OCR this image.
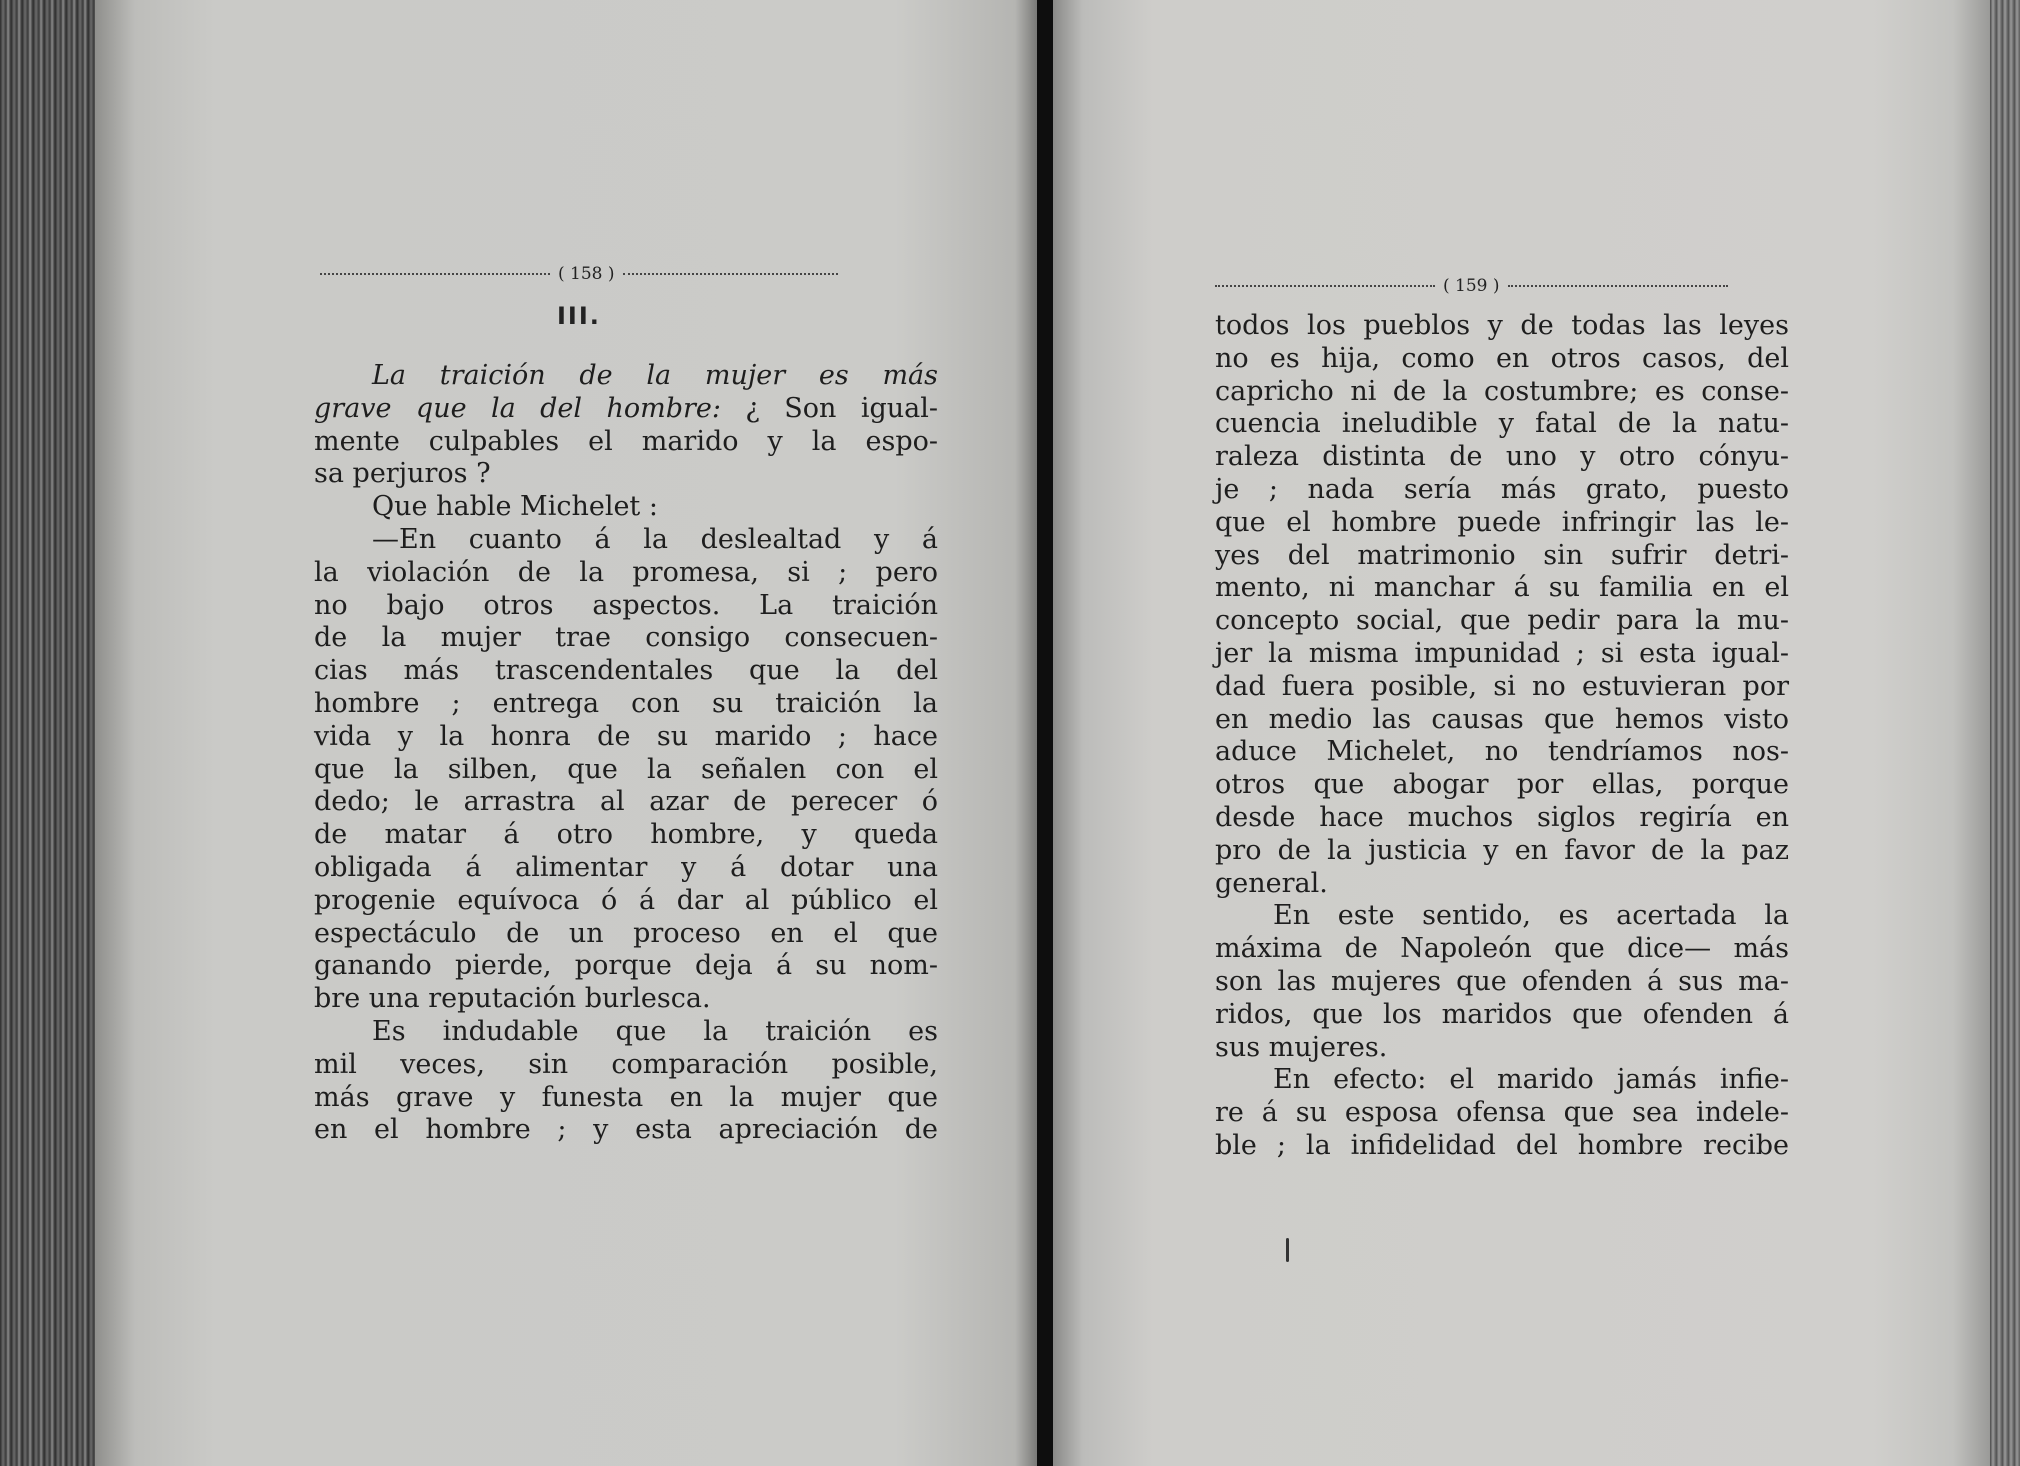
( 158 )
III.
La traición de la mujer es más
grave que la del hombre: ¿ Son igual-
mente culpables el marido y la espo-
sa perjuros ?
Que hable Michelet :
—En cuanto á la deslealtad y á
la violación de la promesa, si ; pero
no bajo otros aspectos. La traición
de la mujer trae consigo consecuen-
cias más trascendentales que la del
hombre ; entrega con su traición la
vida y la honra de su marido ; hace
que la silben, que la señalen con el
dedo; le arrastra al azar de perecer ó
de matar á otro hombre, y queda
obligada á alimentar y á dotar una
progenie equívoca ó á dar al público el
espectáculo de un proceso en el que
ganando pierde, porque deja á su nom-
bre una reputación burlesca.
Es indudable que la traición es
mil veces, sin comparación posible,
más grave y funesta en la mujer que
en el hombre ; y esta apreciación de
( 159 )
todos los pueblos y de todas las leyes
no es hija, como en otros casos, del
capricho ni de la costumbre; es conse-
cuencia ineludible y fatal de la natu-
raleza distinta de uno y otro cónyu-
je ; nada sería más grato, puesto
que el hombre puede infringir las le-
yes del matrimonio sin sufrir detri-
mento, ni manchar á su familia en el
concepto social, que pedir para la mu-
jer la misma impunidad ; si esta igual-
dad fuera posible, si no estuvieran por
en medio las causas que hemos visto
aduce Michelet, no tendríamos nos-
otros que abogar por ellas, porque
desde hace muchos siglos regiría en
pro de la justicia y en favor de la paz
general.
En este sentido, es acertada la
máxima de Napoleón que dice— más
son las mujeres que ofenden á sus ma-
ridos, que los maridos que ofenden á
sus mujeres.
En efecto: el marido jamás infie-
re á su esposa ofensa que sea indele-
ble ; la infidelidad del hombre recibe
